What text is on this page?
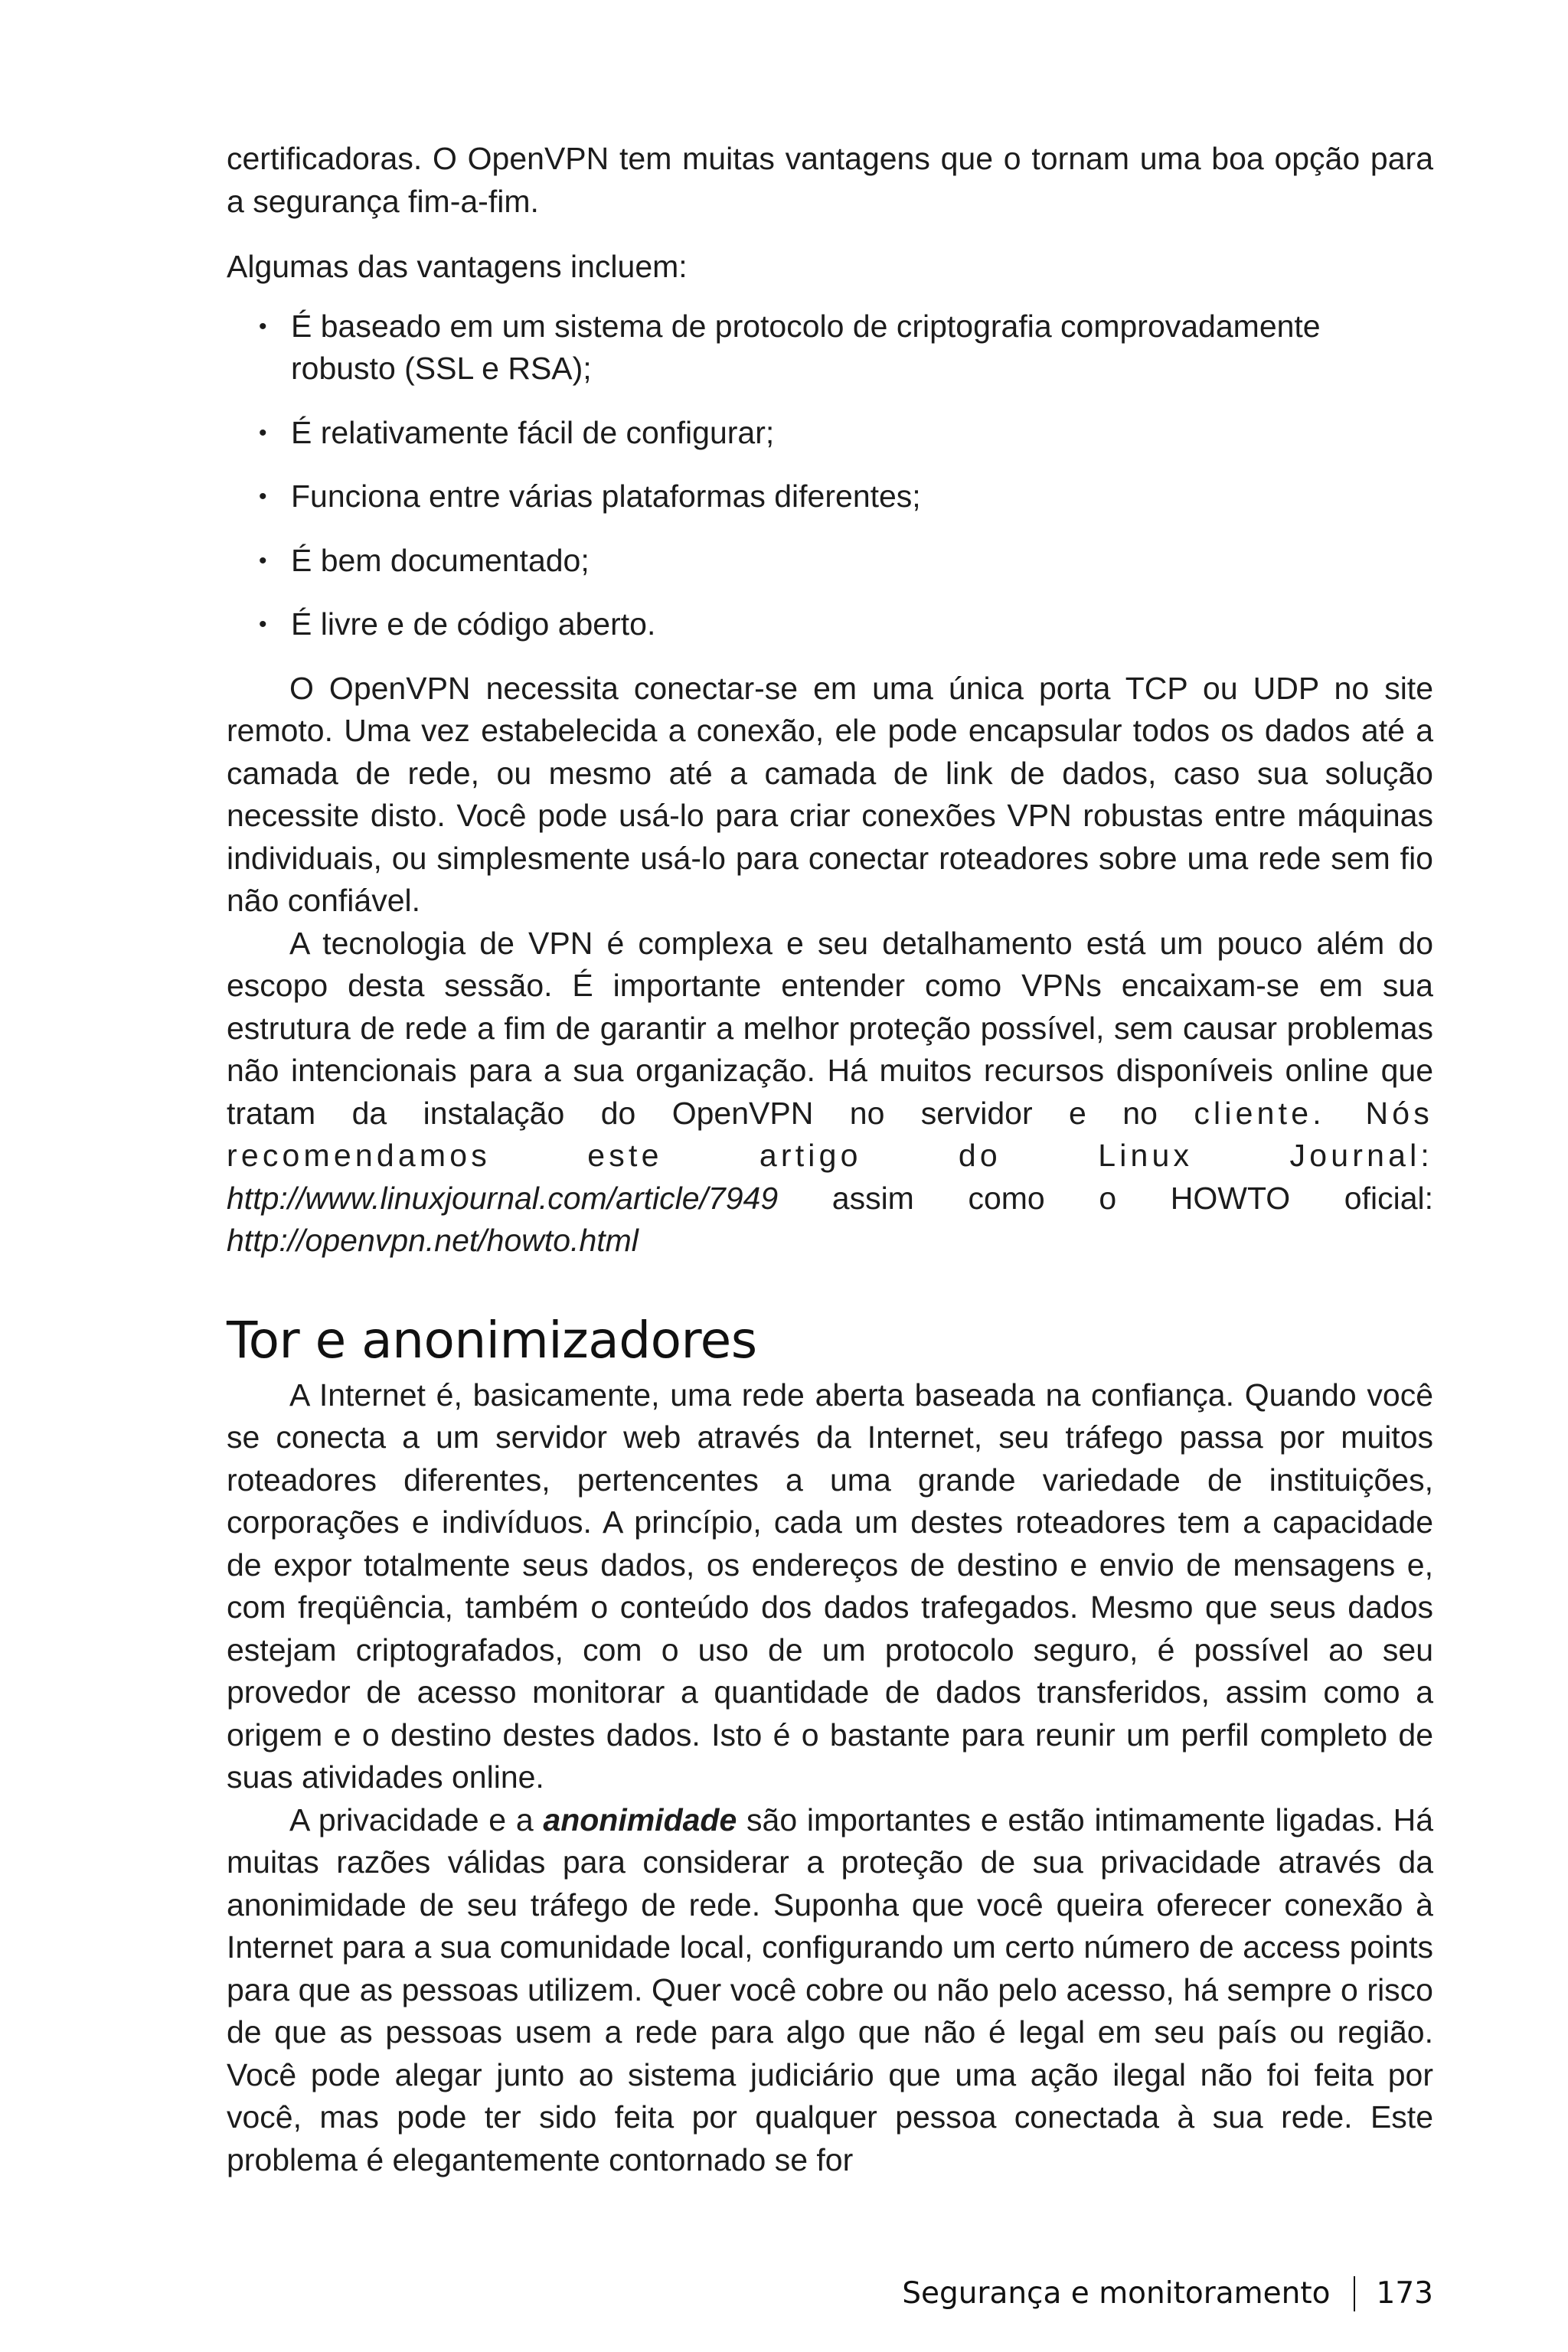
certificadoras. O OpenVPN tem muitas vantagens que o tornam uma boa opção para a segurança fim-a-fim.

Algumas das vantagens incluem:

• É baseado em um sistema de protocolo de criptografia comprovadamente robusto (SSL e RSA);
• É relativamente fácil de configurar;
• Funciona entre várias plataformas diferentes;
• É bem documentado;
• É livre e de código aberto.

O OpenVPN necessita conectar-se em uma única porta TCP ou UDP no site remoto. Uma vez estabelecida a conexão, ele pode encapsular todos os dados até a camada de rede, ou mesmo até a camada de link de dados, caso sua solução necessite disto. Você pode usá-lo para criar conexões VPN robustas entre máquinas individuais, ou simplesmente usá-lo para conectar roteadores sobre uma rede sem fio não confiável.

A tecnologia de VPN é complexa e seu detalhamento está um pouco além do escopo desta sessão. É importante entender como VPNs encaixam-se em sua estrutura de rede a fim de garantir a melhor proteção possível, sem causar problemas não intencionais para a sua organização. Há muitos recursos disponíveis online que tratam da instalação do OpenVPN no servidor e no cliente. Nós recomendamos este artigo do Linux Journal: http://www.linuxjournal.com/article/7949 assim como o HOWTO oficial: http://openvpn.net/howto.html

Tor e anonimizadores

A Internet é, basicamente, uma rede aberta baseada na confiança. Quando você se conecta a um servidor web através da Internet, seu tráfego passa por muitos roteadores diferentes, pertencentes a uma grande variedade de instituições, corporações e indivíduos. A princípio, cada um destes roteadores tem a capacidade de expor totalmente seus dados, os endereços de destino e envio de mensagens e, com freqüência, também o conteúdo dos dados trafegados. Mesmo que seus dados estejam criptografados, com o uso de um protocolo seguro, é possível ao seu provedor de acesso monitorar a quantidade de dados transferidos, assim como a origem e o destino destes dados. Isto é o bastante para reunir um perfil completo de suas atividades online.

A privacidade e a anonimidade são importantes e estão intimamente ligadas. Há muitas razões válidas para considerar a proteção de sua privacidade através da anonimidade de seu tráfego de rede. Suponha que você queira oferecer conexão à Internet para a sua comunidade local, configurando um certo número de access points para que as pessoas utilizem. Quer você cobre ou não pelo acesso, há sempre o risco de que as pessoas usem a rede para algo que não é legal em seu país ou região. Você pode alegar junto ao sistema judiciário que uma ação ilegal não foi feita por você, mas pode ter sido feita por qualquer pessoa conectada à sua rede. Este problema é elegantemente contornado se for

Segurança e monitoramento 173
